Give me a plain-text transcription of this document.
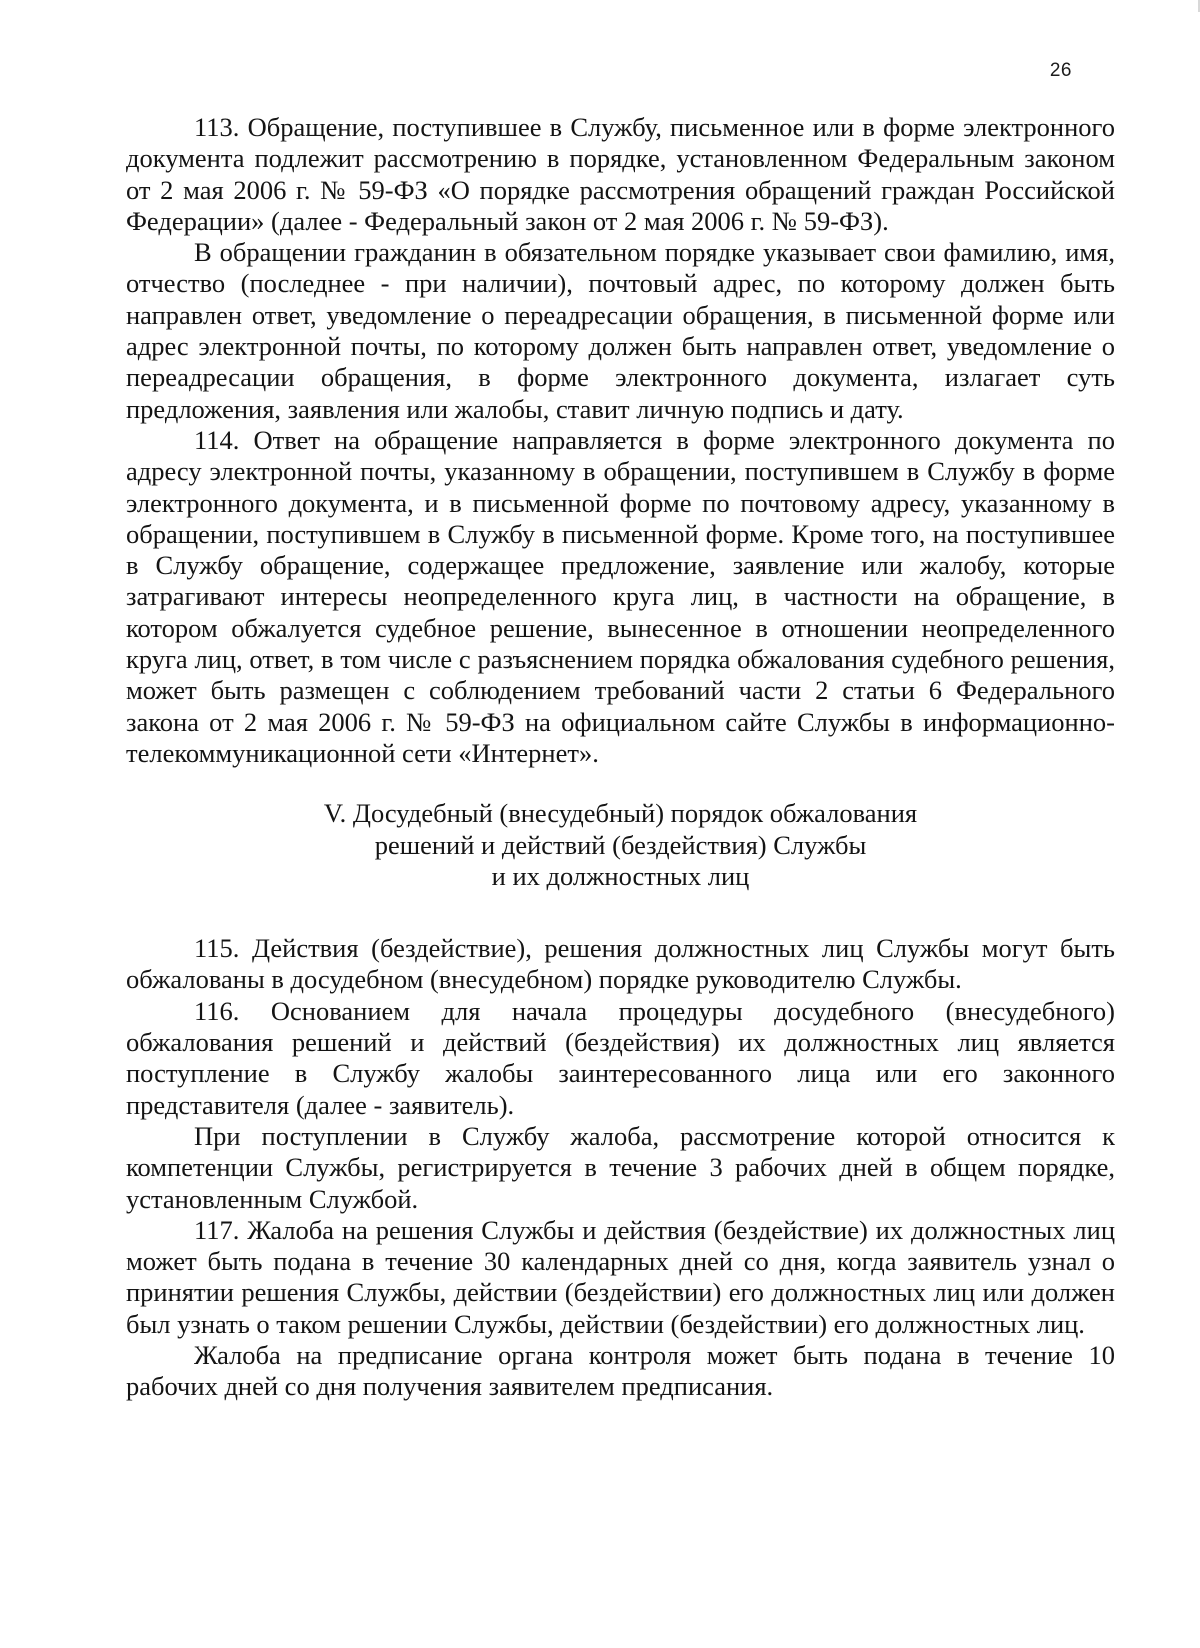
26

113. Обращение, поступившее в Службу, письменное или в форме электронного документа подлежит рассмотрению в порядке, установленном Федеральным законом от 2 мая 2006 г. № 59-ФЗ «О порядке рассмотрения обращений граждан Российской Федерации» (далее - Федеральный закон от 2 мая 2006 г. № 59-ФЗ).

В обращении гражданин в обязательном порядке указывает свои фамилию, имя, отчество (последнее - при наличии), почтовый адрес, по которому должен быть направлен ответ, уведомление о переадресации обращения, в письменной форме или адрес электронной почты, по которому должен быть направлен ответ, уведомление о переадресации обращения, в форме электронного документа, излагает суть предложения, заявления или жалобы, ставит личную подпись и дату.

114. Ответ на обращение направляется в форме электронного документа по адресу электронной почты, указанному в обращении, поступившем в Службу в форме электронного документа, и в письменной форме по почтовому адресу, указанному в обращении, поступившем в Службу в письменной форме. Кроме того, на поступившее в Службу обращение, содержащее предложение, заявление или жалобу, которые затрагивают интересы неопределенного круга лиц, в частности на обращение, в котором обжалуется судебное решение, вынесенное в отношении неопределенного круга лиц, ответ, в том числе с разъяснением порядка обжалования судебного решения, может быть размещен с соблюдением требований части 2 статьи 6 Федерального закона от 2 мая 2006 г. № 59-ФЗ на официальном сайте Службы в информационно-телекоммуникационной сети «Интернет».

V. Досудебный (внесудебный) порядок обжалования
решений и действий (бездействия) Службы
и их должностных лиц

115. Действия (бездействие), решения должностных лиц Службы могут быть обжалованы в досудебном (внесудебном) порядке руководителю Службы.

116. Основанием для начала процедуры досудебного (внесудебного) обжалования решений и действий (бездействия) их должностных лиц является поступление в Службу жалобы заинтересованного лица или его законного представителя (далее - заявитель).

При поступлении в Службу жалоба, рассмотрение которой относится к компетенции Службы, регистрируется в течение 3 рабочих дней в общем порядке, установленным Службой.

117. Жалоба на решения Службы и действия (бездействие) их должностных лиц может быть подана в течение 30 календарных дней со дня, когда заявитель узнал о принятии решения Службы, действии (бездействии) его должностных лиц или должен был узнать о таком решении Службы, действии (бездействии) его должностных лиц.

Жалоба на предписание органа контроля может быть подана в течение 10 рабочих дней со дня получения заявителем предписания.
